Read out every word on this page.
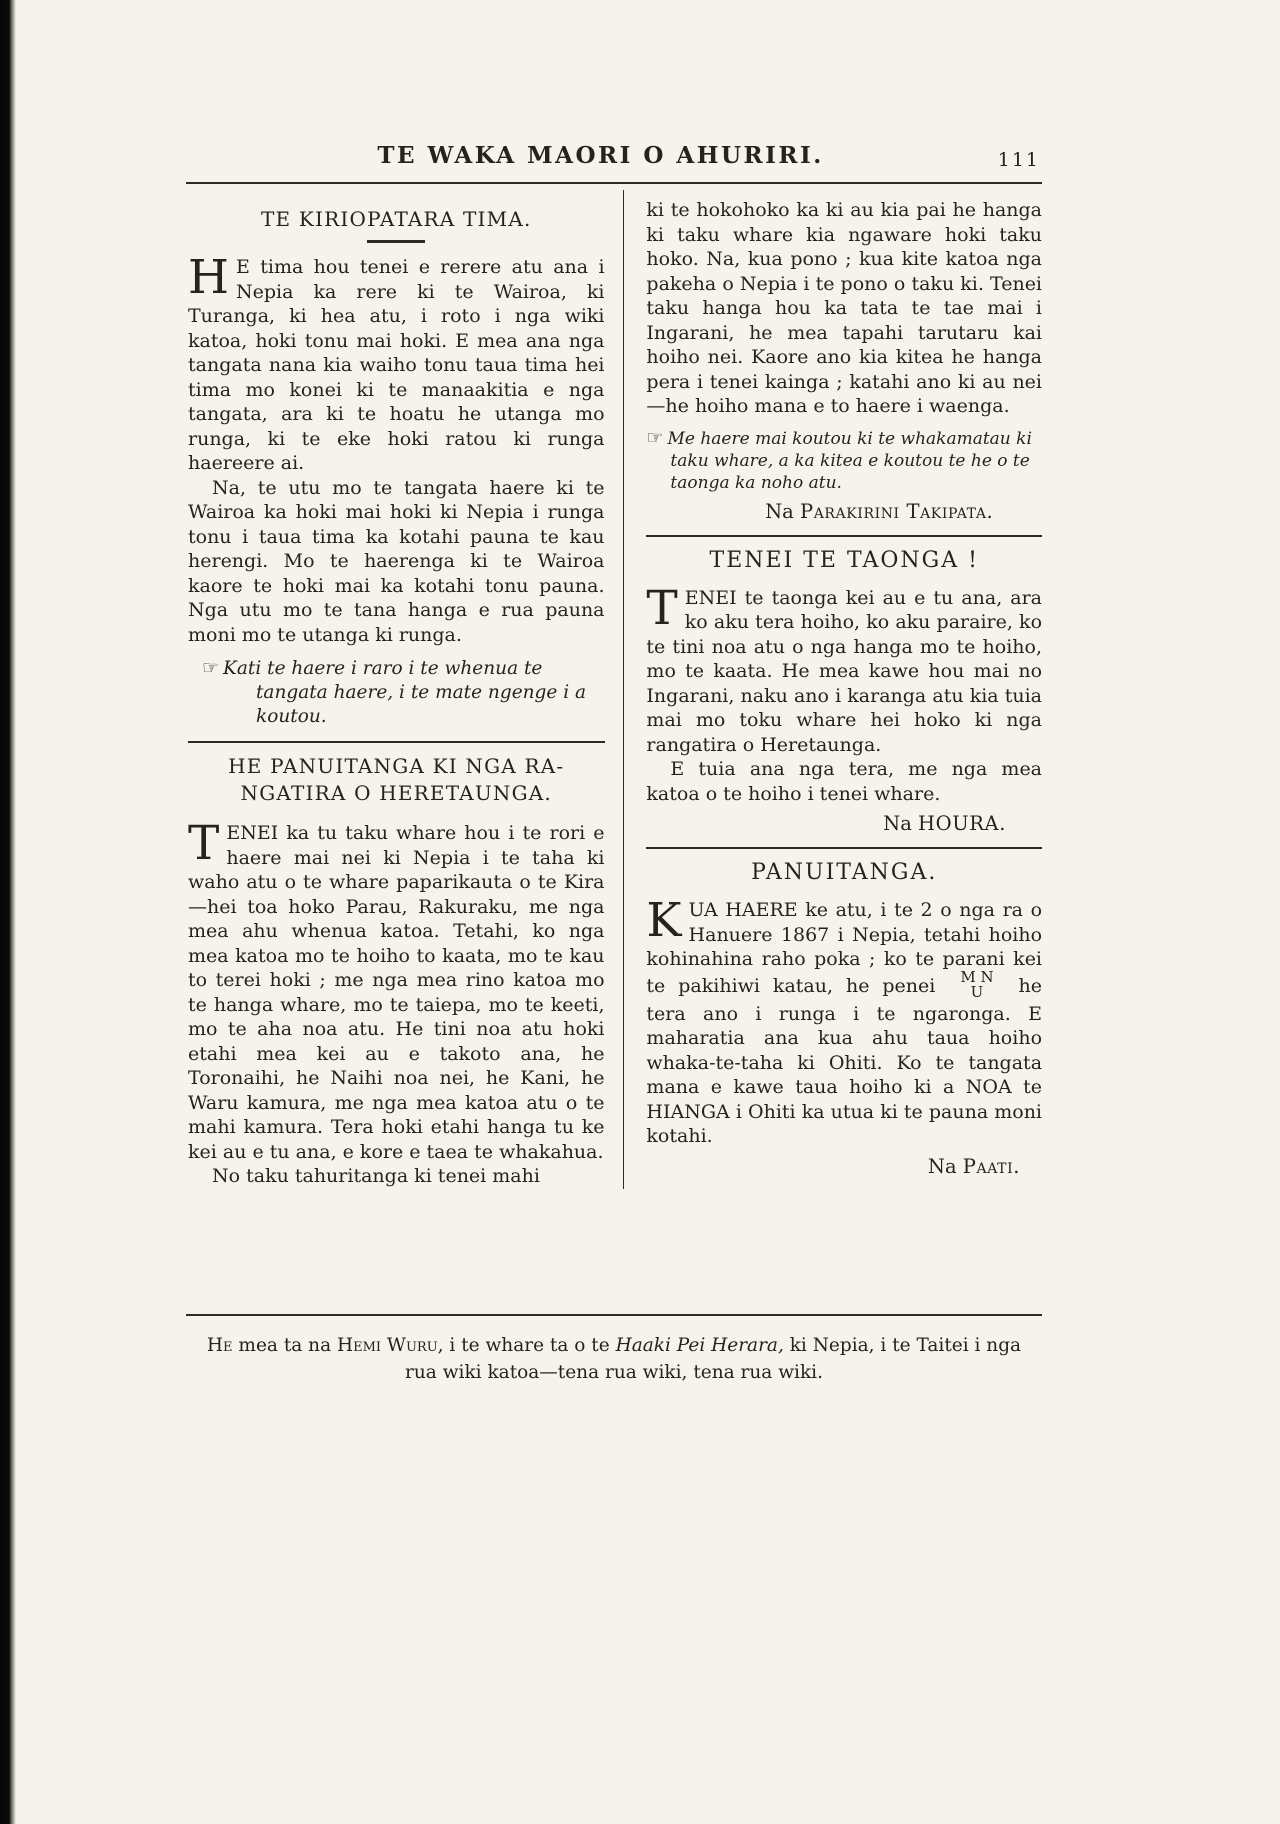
TE WAKA MAORI O AHURIRI.	111
TE KIRIOPATARA TIMA.

H E tima hou tenei e rerere atu ana i Nepia ka rere ki te Wairoa, ki Turanga, ki hea atu, i roto i nga wiki katoa, hoki tonu mai hoki. E mea ana nga tangata nana kia waiho tonu taua tima hei tima mo konei ki te manaakitia e nga tangata, ara ki te hoatu he utanga mo runga, ki te eke hoki ratou ki runga haereere ai.

Na, te utu mo te tangata haere ki te Wairoa ka hoki mai hoki ki Nepia i runga tonu i taua tima ka kotahi pauna te kau herengi. Mo te haerenga ki te Wairoa kaore te hoki mai ka kotahi tonu pauna. Nga utu mo te tana hanga e rua pauna moni mo te utanga ki runga.

☞ Kati te haere i raro i te whenua te tangata haere, i te mate ngenge i a koutou.

HE PANUITANGA KI NGA RA-
NGATIRA O HERETAUNGA.

TENEI ka tu taku whare hou i te rori e haere mai nei ki Nepia i te taha ki waho atu o te whare paparikauta o te Kira—hei toa hoko Parau, Rakuraku, me nga mea ahu whenua katoa. Tetahi, ko nga mea katoa mo te hoiho to kaata, mo te kau to terei hoki ; me nga mea rino katoa mo te hanga whare, mo te taiepa, mo te keeti, mo te aha noa atu. He tini noa atu hoki etahi mea kei au e takoto ana, he Toronaihi, he Naihi noa nei, he Kani, he Waru kamura, me nga mea katoa atu o te mahi kamura. Tera hoki etahi hanga tu ke kei au e tu ana, e kore e taea te whakahua.

No taku tahuritanga ki tenei mahi

ki te hokohoko ka ki au kia pai he hanga ki taku whare kia ngaware hoki taku hoko. Na, kua pono ; kua kite katoa nga pakeha o Nepia i te pono o taku ki. Tenei taku hanga hou ka tata te tae mai i Ingarani, he mea tapahi tarutaru kai hoiho nei. Kaore ano kia kitea he hanga pera i tenei kainga ; katahi ano ki au nei—he hoiho mana e to haere i waenga.

☞ Me haere mai koutou ki te whakamatau ki taku whare, a ka kitea e koutou te he o te taonga ka noho atu.

Na Parakirini Takipata.

TENEI TE TAONGA !

TENEI te taonga kei au e tu ana, ara ko aku tera hoiho, ko aku paraire, ko te tini noa atu o nga hanga mo te hoiho, mo te kaata. He mea kawe hou mai no Ingarani, naku ano i karanga atu kia tuia mai mo toku whare hei hoko ki nga rangatira o Heretaunga.

E tuia ana nga tera, me nga mea katoa o te hoiho i tenei whare.

Na HOURA.

PANUITANGA.

KUA HAERE ke atu, i te 2 o nga ra o Hanuere 1867 i Nepia, tetahi hoiho kohinahina raho poka ; ko te parani kei te pakihiwi katau, he penei M N
U	he tera ano i runga i te ngaronga. E maharatia ana kua ahu taua hoiho whaka-te-taha ki Ohiti. Ko te tangata mana e kawe taua hoiho ki a NOA te HIANGA i Ohiti ka utua ki te pauna moni kotahi.

Na Paati.

He mea ta na Hemi Wuru, i te whare ta o te Haaki Pei Herara, ki Nepia, i te Taitei i nga rua wiki katoa—tena rua wiki, tena rua wiki.
